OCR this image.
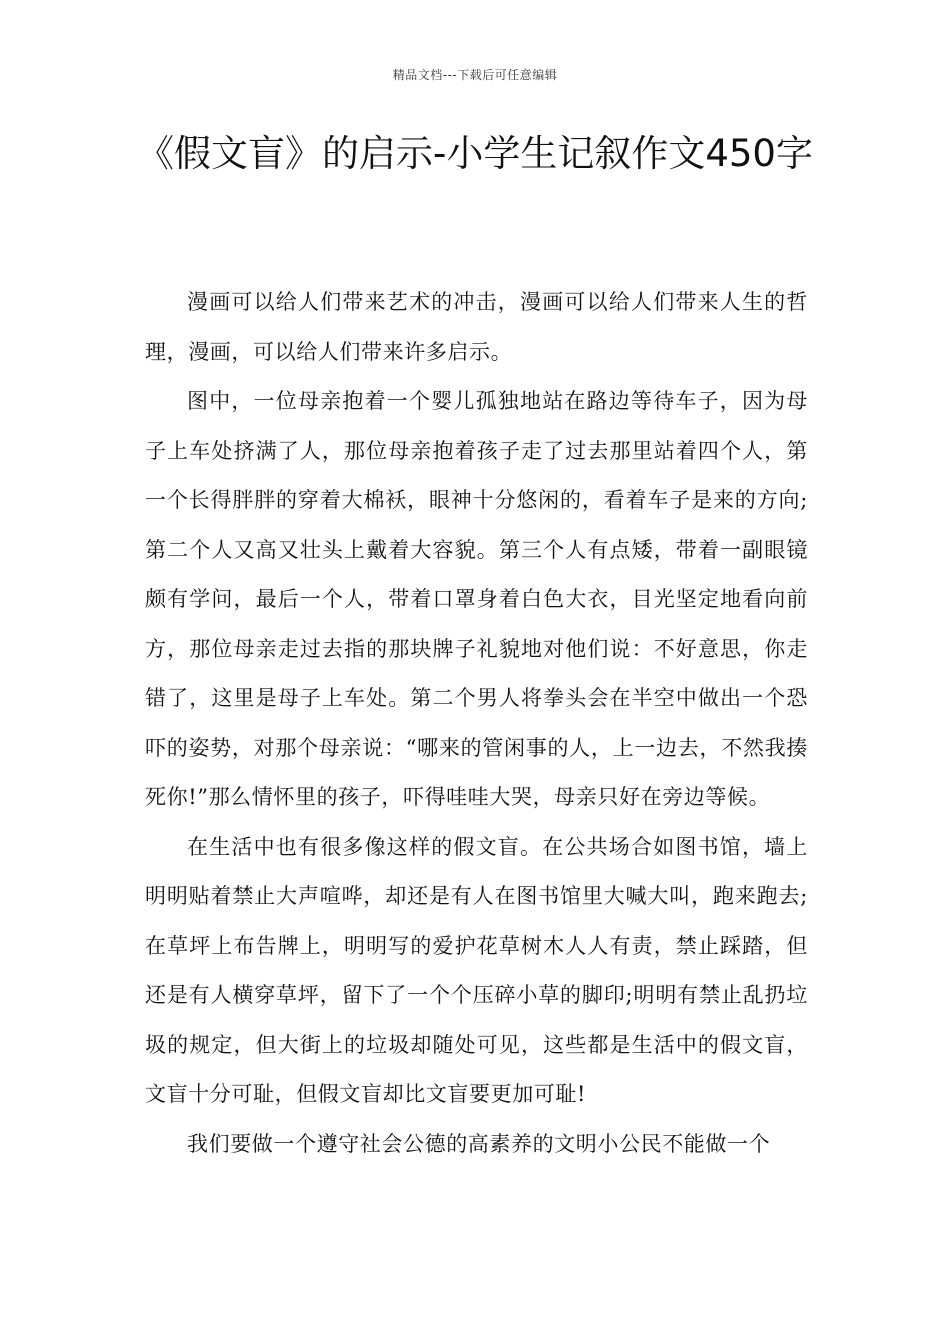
精品文档---下载后可任意编辑
《假文盲》的启示-小学生记叙作文450字

漫画可以给人们带来艺术的冲击，漫画可以给人们带来人生的哲理，漫画，可以给人们带来许多启示。

图中，一位母亲抱着一个婴儿孤独地站在路边等待车子，因为母子上车处挤满了人，那位母亲抱着孩子走了过去那里站着四个人，第一个长得胖胖的穿着大棉袄，眼神十分悠闲的，看着车子是来的方向;第二个人又高又壮头上戴着大容貌。第三个人有点矮，带着一副眼镜颇有学问，最后一个人，带着口罩身着白色大衣，目光坚定地看向前方，那位母亲走过去指的那块牌子礼貌地对他们说：不好意思，你走错了，这里是母子上车处。第二个男人将拳头会在半空中做出一个恐吓的姿势，对那个母亲说：“哪来的管闲事的人，上一边去，不然我揍死你!”那么情怀里的孩子，吓得哇哇大哭，母亲只好在旁边等候。

在生活中也有很多像这样的假文盲。在公共场合如图书馆，墙上明明贴着禁止大声喧哗，却还是有人在图书馆里大喊大叫，跑来跑去;在草坪上布告牌上，明明写的爱护花草树木人人有责，禁止踩踏，但还是有人横穿草坪，留下了一个个压碎小草的脚印;明明有禁止乱扔垃圾的规定，但大街上的垃圾却随处可见，这些都是生活中的假文盲，文盲十分可耻，但假文盲却比文盲要更加可耻!

我们要做一个遵守社会公德的高素养的文明小公民不能做一个
